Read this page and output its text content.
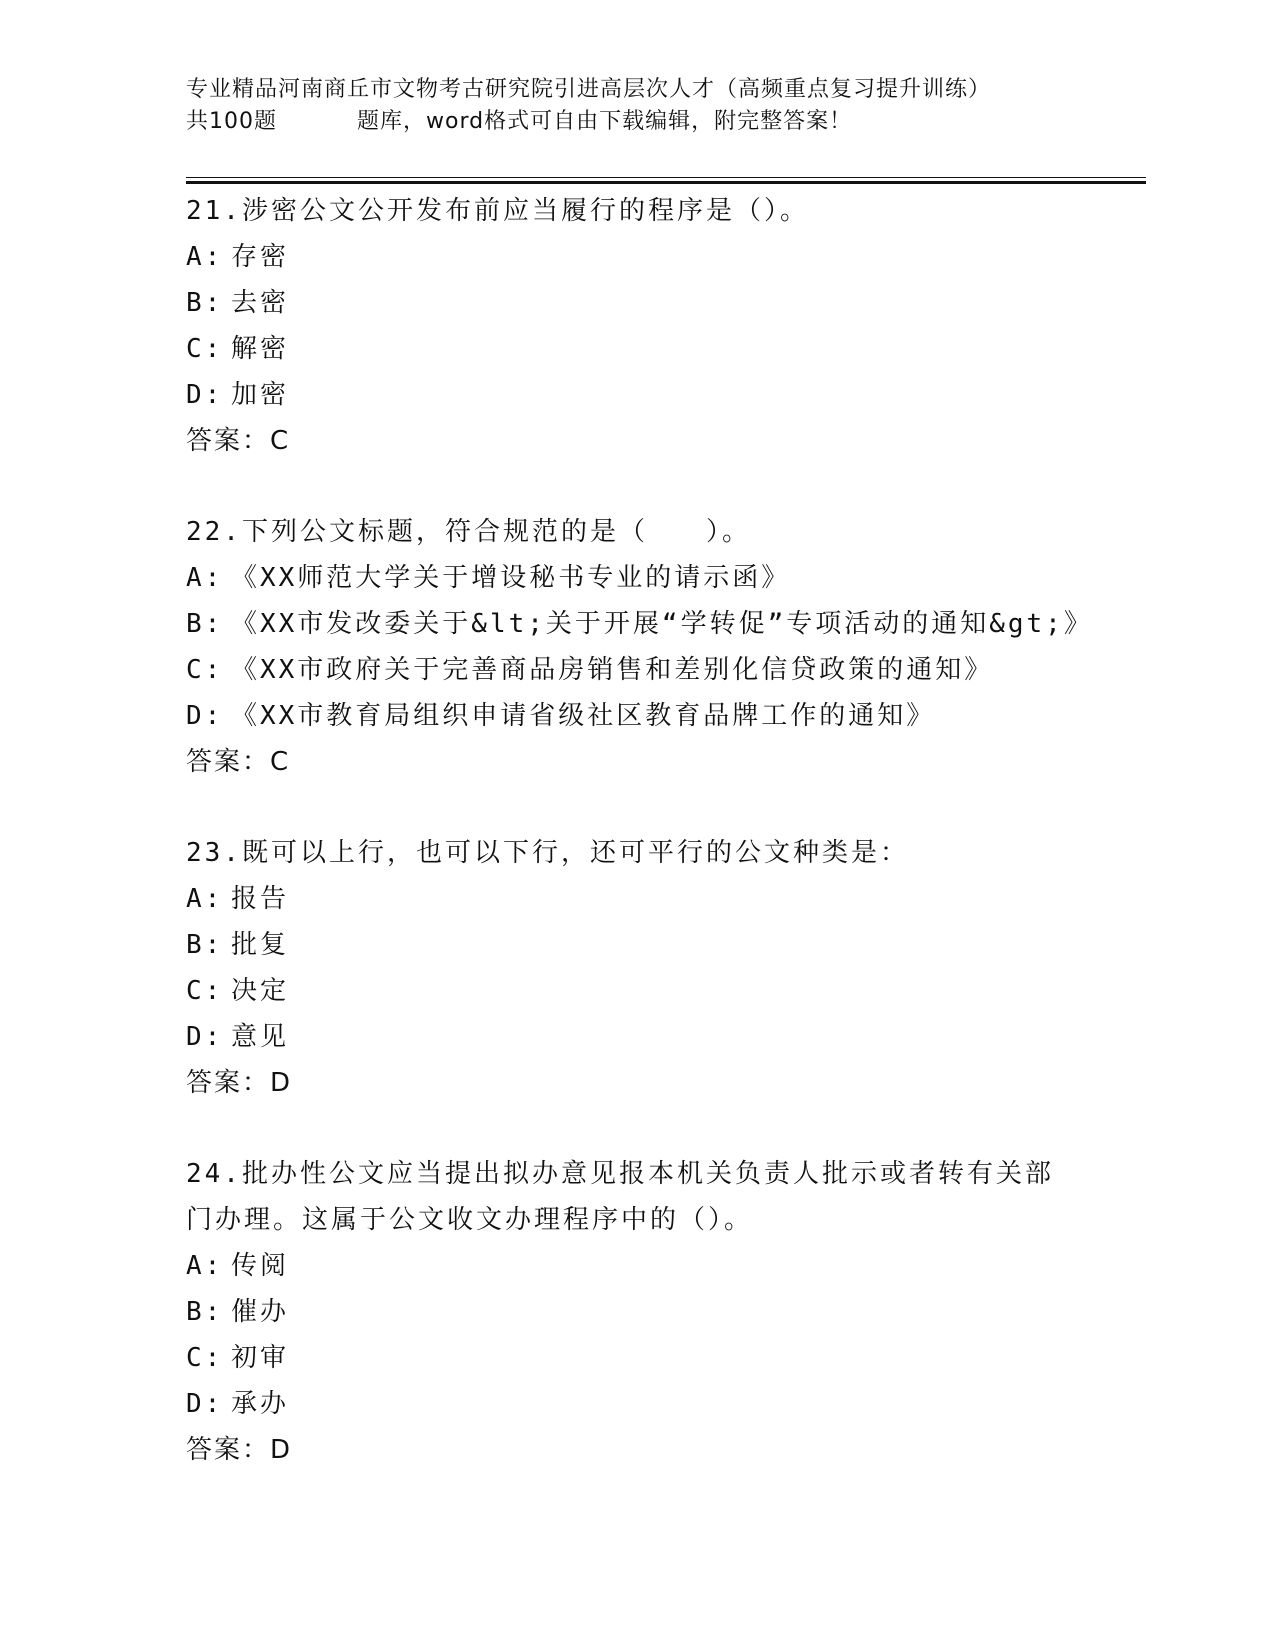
专业精品河南商丘市文物考古研究院引进高层次人才（高频重点复习提升训练）
共100题	题库，word格式可自由下载编辑，附完整答案！
21.涉密公文公开发布前应当履行的程序是（）。
A: 存密
B: 去密
C: 解密
D: 加密
答案：C
22.下列公文标题，符合规范的是（　　）。
A: 《XX师范大学关于增设秘书专业的请示函》
B: 《XX市发改委关于&lt;关于开展“学转促”专项活动的通知&gt;》
C: 《XX市政府关于完善商品房销售和差别化信贷政策的通知》
D: 《XX市教育局组织申请省级社区教育品牌工作的通知》
答案：C
23.既可以上行，也可以下行，还可平行的公文种类是：
A: 报告
B: 批复
C: 决定
D: 意见
答案：D
24.批办性公文应当提出拟办意见报本机关负责人批示或者转有关部门办理。这属于公文收文办理程序中的（）。
A: 传阅
B: 催办
C: 初审
D: 承办
答案：D
